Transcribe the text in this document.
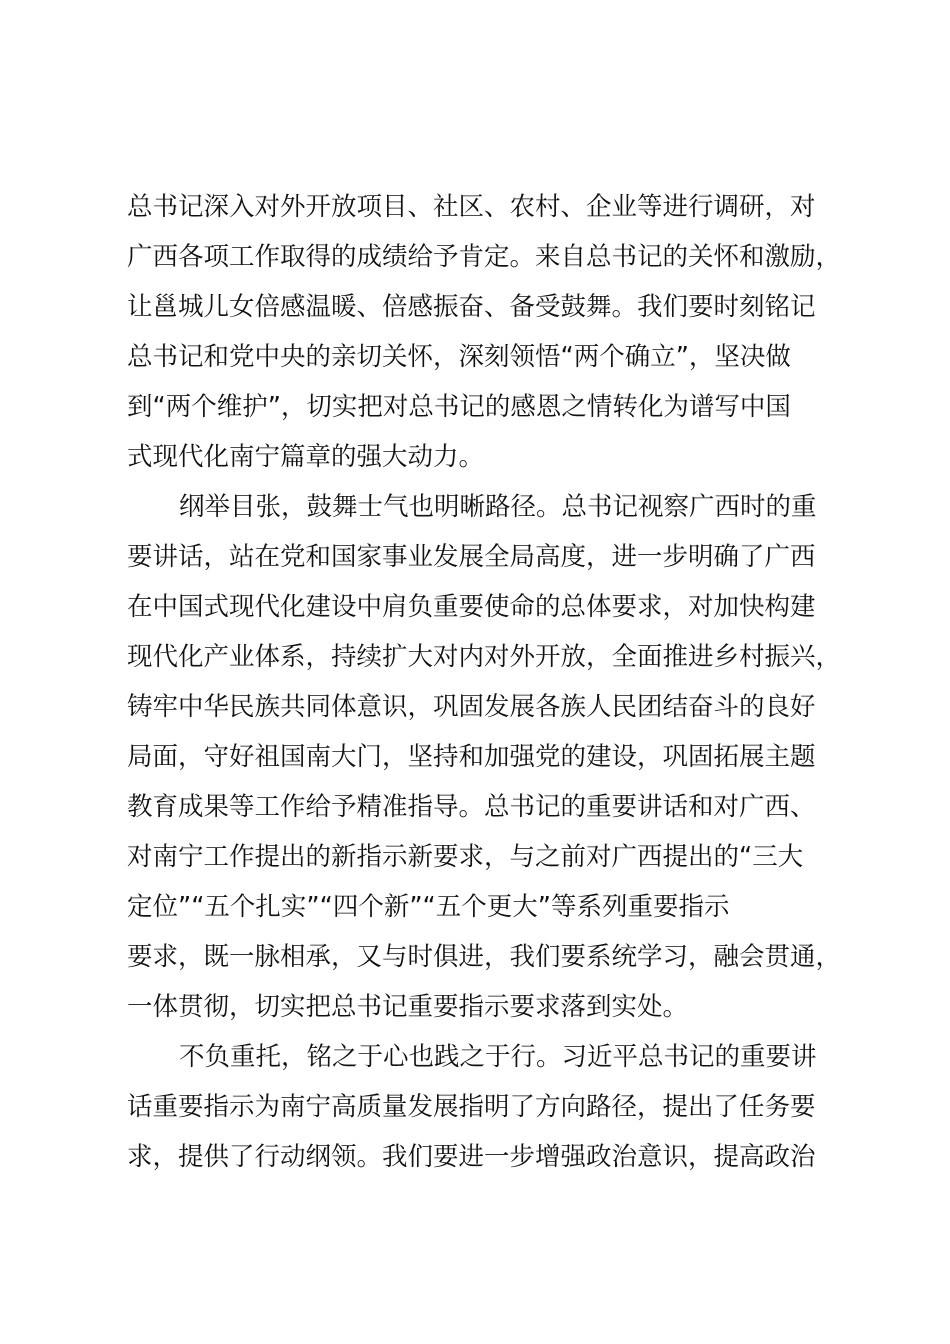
总书记深入对外开放项目、社区、农村、企业等进行调研，对
广西各项工作取得的成绩给予肯定。来自总书记的关怀和激励，
让邕城儿女倍感温暖、倍感振奋、备受鼓舞。我们要时刻铭记
总书记和党中央的亲切关怀，深刻领悟“两个确立”，坚决做
到“两个维护”，切实把对总书记的感恩之情转化为谱写中国
式现代化南宁篇章的强大动力。

纲举目张，鼓舞士气也明晰路径。总书记视察广西时的重
要讲话，站在党和国家事业发展全局高度，进一步明确了广西
在中国式现代化建设中肩负重要使命的总体要求，对加快构建
现代化产业体系，持续扩大对内对外开放，全面推进乡村振兴，
铸牢中华民族共同体意识，巩固发展各族人民团结奋斗的良好
局面，守好祖国南大门，坚持和加强党的建设，巩固拓展主题
教育成果等工作给予精准指导。总书记的重要讲话和对广西、
对南宁工作提出的新指示新要求，与之前对广西提出的“三大
定位”“五个扎实”“四个新”“五个更大”等系列重要指示
要求，既一脉相承，又与时俱进，我们要系统学习，融会贯通，
一体贯彻，切实把总书记重要指示要求落到实处。

不负重托，铭之于心也践之于行。习近平总书记的重要讲
话重要指示为南宁高质量发展指明了方向路径，提出了任务要
求，提供了行动纲领。我们要进一步增强政治意识，提高政治
